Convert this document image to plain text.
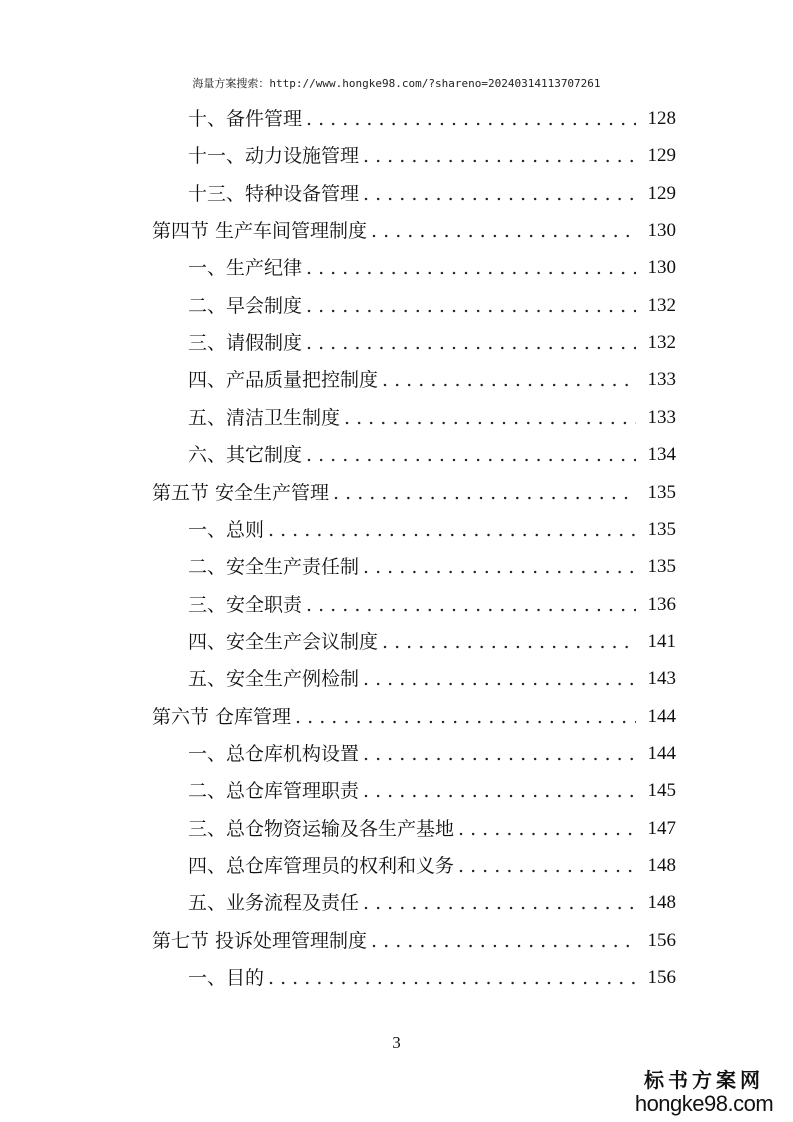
海量方案搜索：http://www.hongke98.com/?shareno=20240314113707261
十、备件管理 . . .	128
十一、动力设施管理 . . .	129
十三、特种设备管理 . . .	129
第四节 生产车间管理制度 . . .	130
一、生产纪律 . . .	130
二、早会制度 . . .	132
三、请假制度 . . .	132
四、产品质量把控制度 . . .	133
五、清洁卫生制度 . . .	133
六、其它制度 . . .	134
第五节 安全生产管理 . . .	135
一、总则 . . .	135
二、安全生产责任制 . . .	135
三、安全职责 . . .	136
四、安全生产会议制度 . . .	141
五、安全生产例检制 . . .	143
第六节 仓库管理 . . .	144
一、总仓库机构设置 . . .	144
二、总仓库管理职责 . . .	145
三、总仓物资运输及各生产基地 . . .	147
四、总仓库管理员的权利和义务 . . .	148
五、业务流程及责任 . . .	148
第七节 投诉处理管理制度 . . .	156
一、目的 . . .	156
3
标书方案网
hongke98.com
